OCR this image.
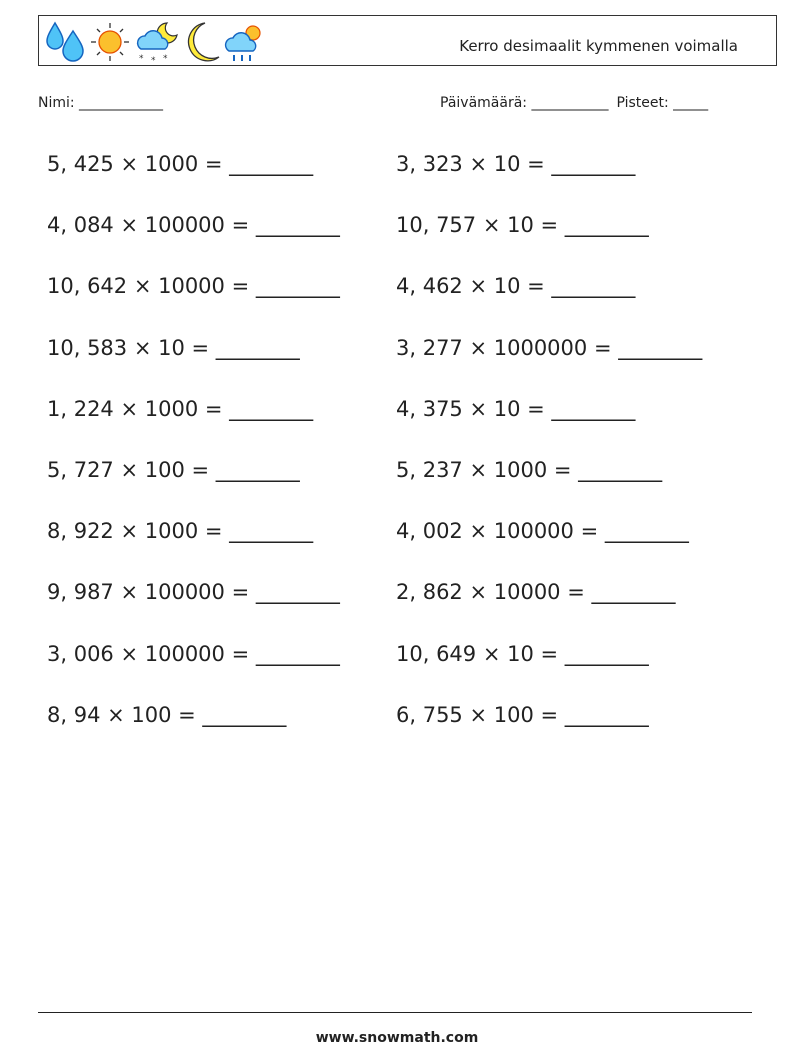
* * *
Kerro desimaalit kymmenen voimalla
Nimi: ____________	Päivämäärä: ___________ Pisteet: _____
5, 425 × 1000 = ________	3, 323 × 10 = ________
4, 084 × 100000 = ________	10, 757 × 10 = ________
10, 642 × 10000 = ________	4, 462 × 10 = ________
10, 583 × 10 = ________	3, 277 × 1000000 = ________
1, 224 × 1000 = ________	4, 375 × 10 = ________
5, 727 × 100 = ________	5, 237 × 1000 = ________
8, 922 × 1000 = ________	4, 002 × 100000 = ________
9, 987 × 100000 = ________	2, 862 × 10000 = ________
3, 006 × 100000 = ________	10, 649 × 10 = ________
8, 94 × 100 = ________	6, 755 × 100 = ________
www.snowmath.com
